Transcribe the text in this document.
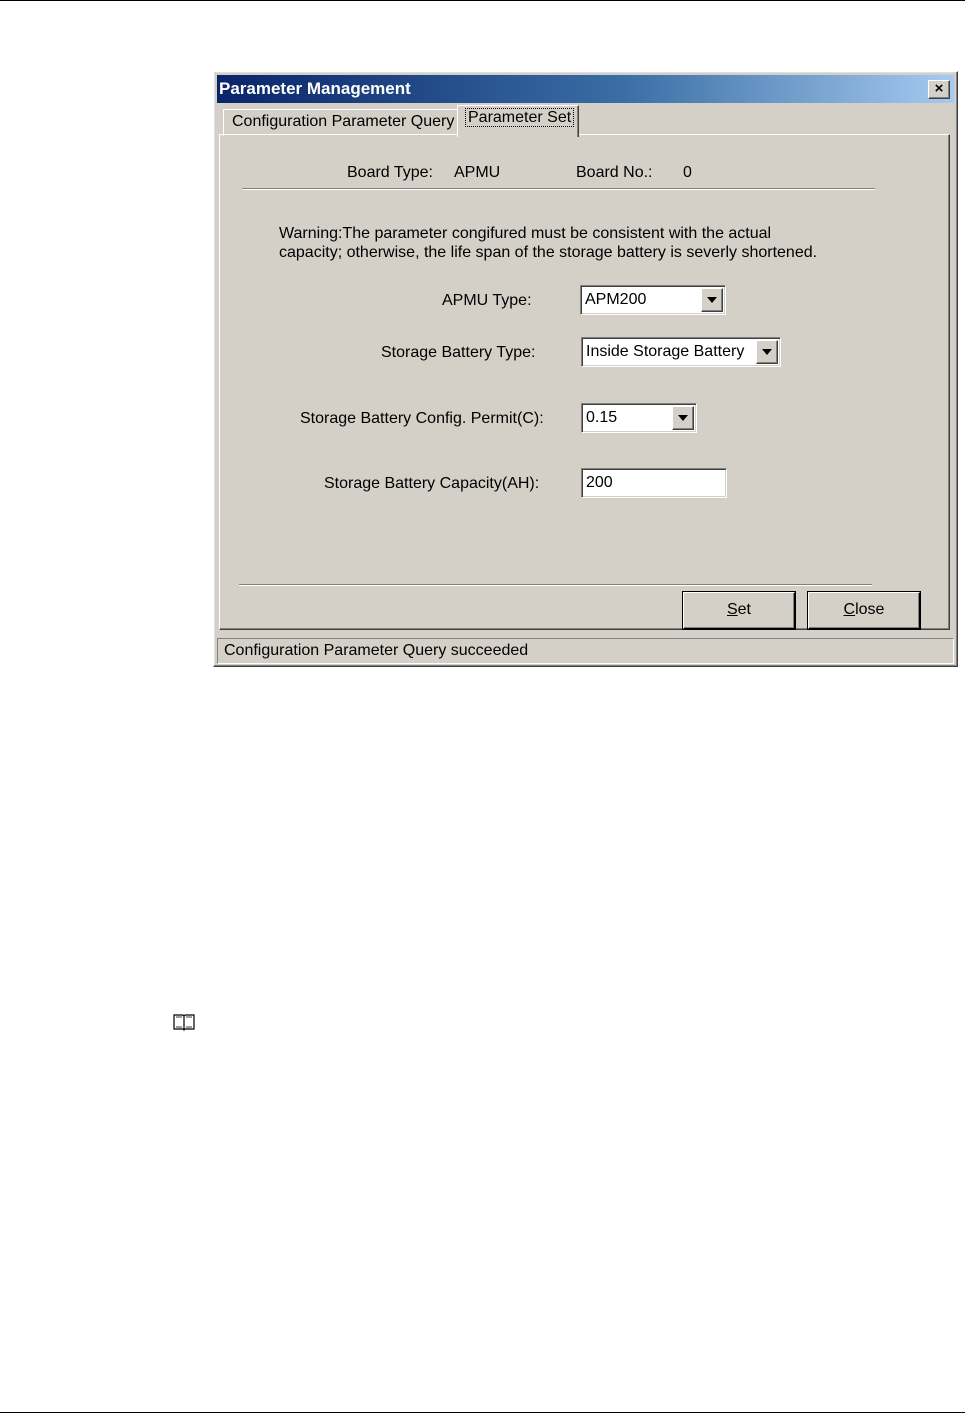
Parameter Management	×
Configuration Parameter Query Parameter Set
Board Type: APMU	Board No.: 0
Warning:The parameter congifured must be consistent with the actual
capacity; otherwise, the life span of the storage battery is severly shortened.
APMU Type:	APM200
Storage Battery Type:	Inside Storage Battery
Storage Battery Config. Permit(C):	0.15
Storage Battery Capacity(AH):	200
Set	Close
Configuration Parameter Query succeeded
